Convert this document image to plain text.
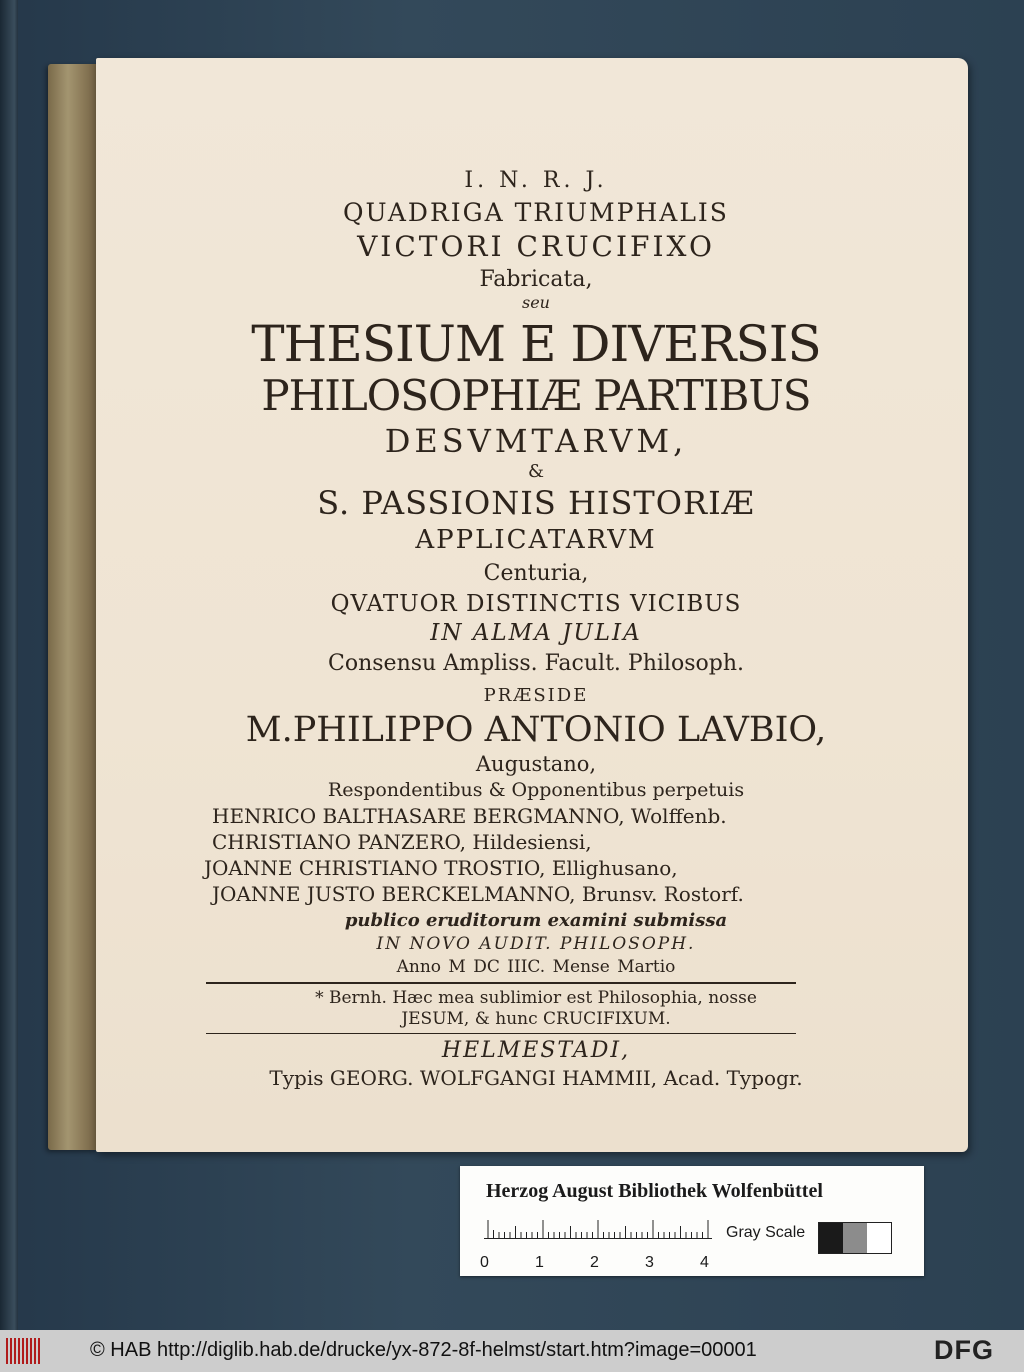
I. N. R. J.
QUADRIGA TRIUMPHALIS
VICTORI CRUCIFIXO
Fabricata,
seu
THESIUM E DIVERSIS
PHILOSOPHIÆ PARTIBUS
DESVMTARVM,
&
S. PASSIONIS HISTORIÆ
APPLICATARVM
Centuria,
QVATUOR DISTINCTIS VICIBUS
IN ALMA JULIA
Consensu Ampliss. Facult. Philosoph.
PRÆSIDE
M.PHILIPPO ANTONIO LAVBIO,
Augustano,
Respondentibus & Opponentibus perpetuis
HENRICO BALTHASARE BERGMANNO, Wolffenb.
CHRISTIANO PANZERO, Hildesiensi,
JOANNE CHRISTIANO TROSTIO, Ellighusano,
JOANNE JUSTO BERCKELMANNO, Brunsv. Rostorf.
publico eruditorum examini submissa
IN NOVO AUDIT. PHILOSOPH.
Anno M DC IIIC. Mense Martio
* Bernh. Hæc mea sublimior est Philosophia, nosse
JESUM, & hunc CRUCIFIXUM.
HELMESTADI,
Typis GEORG. WOLFGANGI HAMMII, Acad. Typogr.
Herzog August Bibliothek Wolfenbüttel
0	1	2	3	4
Gray Scale
© HAB http://diglib.hab.de/drucke/yx-872-8f-helmst/start.htm?image=00001	DFG
